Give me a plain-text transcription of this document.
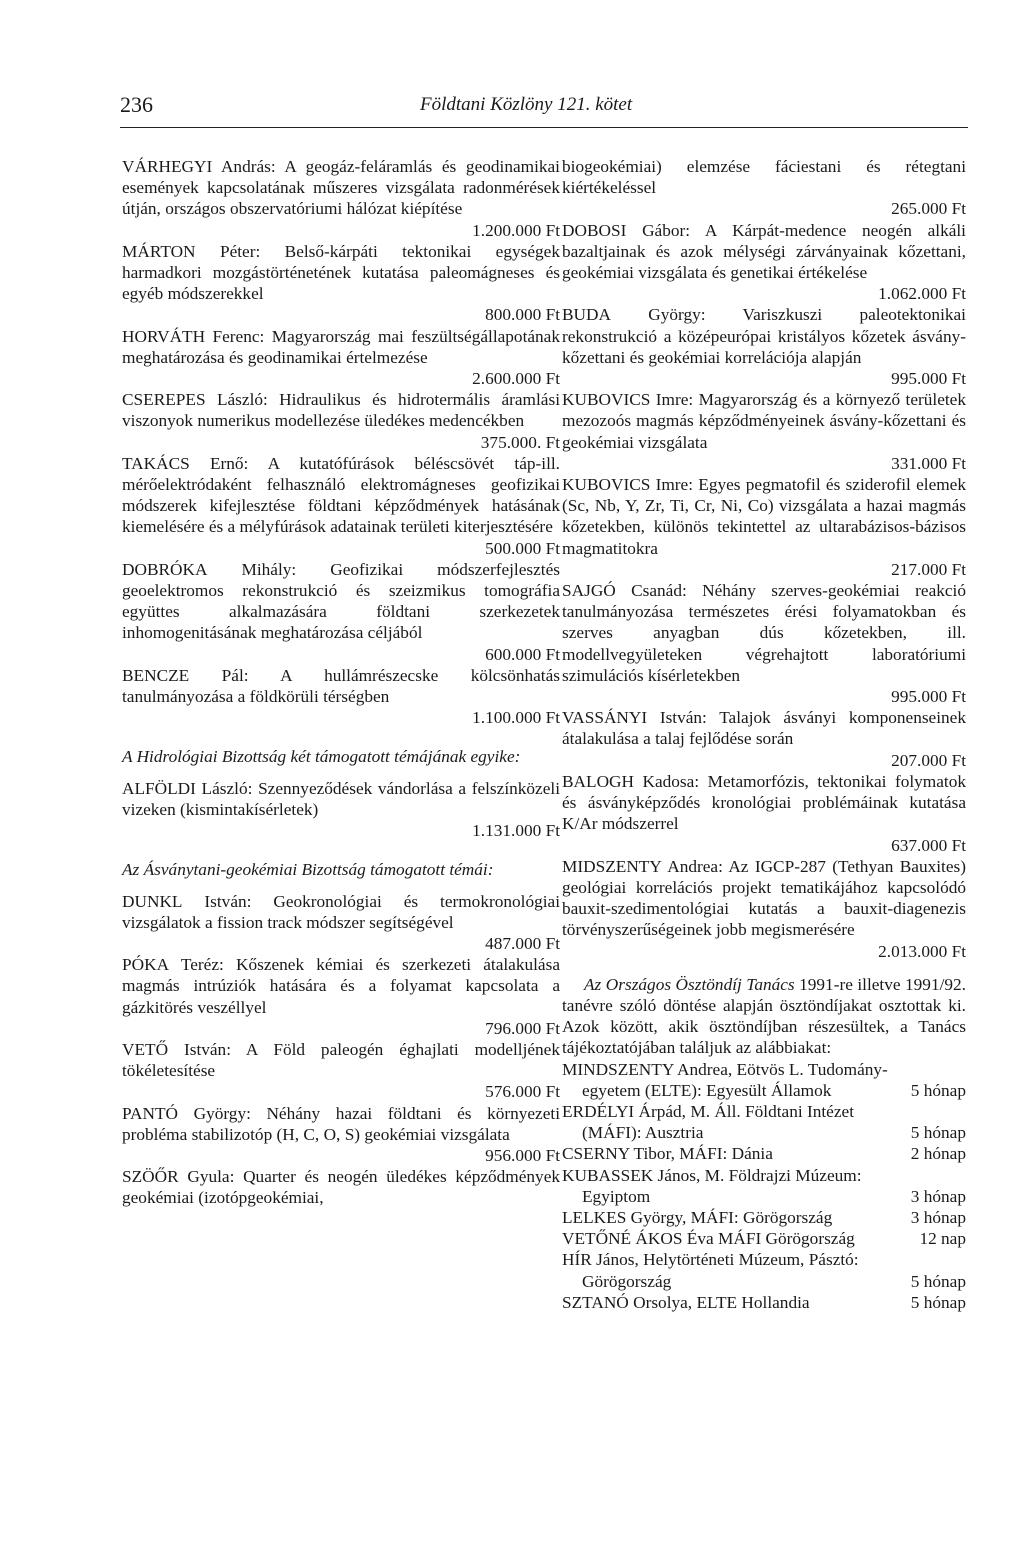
236	Földtani Közlöny 121. kötet

VÁRHEGYI András: A geogáz-feláramlás és geodinamikai események kapcsolatának műszeres vizsgálata radonmérések útján, országos obszervatóriumi hálózat kiépítése

1.200.000 Ft

MÁRTON Péter: Belső-kárpáti tektonikai egységek harmadkori mozgástörténetének kutatása paleomágneses és egyéb módszerekkel

800.000 Ft

HORVÁTH Ferenc: Magyarország mai feszültségállapotának meghatározása és geodinamikai értelmezése

2.600.000 Ft

CSEREPES László: Hidraulikus és hidrotermális áramlási viszonyok numerikus modellezése üledékes medencékben

375.000. Ft

TAKÁCS Ernő: A kutatófúrások béléscsövét táp-ill. mérőelektródaként felhasználó elektromágneses geofizikai módszerek kifejlesztése földtani képződmények hatásának kiemelésére és a mélyfúrások adatainak területi kiterjesztésére

500.000 Ft

DOBRÓKA Mihály: Geofizikai módszerfejlesztés geoelektromos rekonstrukció és szeizmikus tomográfia együttes alkalmazására földtani szerkezetek inhomogenitásának meghatározása céljából

600.000 Ft

BENCZE Pál: A hullámrészecske kölcsönhatás tanulmányozása a földkörüli térségben

1.100.000 Ft

A Hidrológiai Bizottság két támogatott témájának egyike:

ALFÖLDI László: Szennyeződések vándorlása a felszínközeli vizeken (kismintakísérletek)

1.131.000 Ft

Az Ásványtani-geokémiai Bizottság támogatott témái:

DUNKL István: Geokronológiai és termokronológiai vizsgálatok a fission track módszer segítségével

487.000 Ft

PÓKA Teréz: Kőszenek kémiai és szerkezeti átalakulása magmás intrúziók hatására és a folyamat kapcsolata a gázkitörés veszéllyel

796.000 Ft

VETŐ István: A Föld paleogén éghajlati modelljének tökéletesítése

576.000 Ft

PANTÓ György: Néhány hazai földtani és környezeti probléma stabilizotóp (H, C, O, S) geokémiai vizsgálata

956.000 Ft

SZÖŐR Gyula: Quarter és neogén üledékes képződmények geokémiai (izotópgeokémiai,

biogeokémiai) elemzése fáciestani és rétegtani kiértékeléssel

265.000 Ft

DOBOSI Gábor: A Kárpát-medence neogén alkáli bazaltjainak és azok mélységi zárványainak kőzettani, geokémiai vizsgálata és genetikai értékelése

1.062.000 Ft

BUDA György: Variszkuszi paleotektonikai rekonstrukció a középeurópai kristályos kőzetek ásvány-kőzettani és geokémiai korrelációja alapján

995.000 Ft

KUBOVICS Imre: Magyarország és a környező területek mezozoós magmás képződményeinek ásvány-kőzettani és geokémiai vizsgálata

331.000 Ft

KUBOVICS Imre: Egyes pegmatofil és sziderofil elemek (Sc, Nb, Y, Zr, Ti, Cr, Ni, Co) vizsgálata a hazai magmás kőzetekben, különös tekintettel az ultarabázisos-bázisos magmatitokra

217.000 Ft

SAJGÓ Csanád: Néhány szerves-geokémiai reakció tanulmányozása természetes érési folyamatokban és szerves anyagban dús kőzetekben, ill. modellvegyületeken végrehajtott laboratóriumi szimulációs kísérletekben

995.000 Ft

VASSÁNYI István: Talajok ásványi komponenseinek átalakulása a talaj fejlődése során

207.000 Ft

BALOGH Kadosa: Metamorfózis, tektonikai folymatok és ásványképződés kronológiai problémáinak kutatása K/Ar módszerrel

637.000 Ft

MIDSZENTY Andrea: Az IGCP-287 (Tethyan Bauxites) geológiai korrelációs projekt tematikájához kapcsolódó bauxit-szedimentológiai kutatás a bauxit-diagenezis törvényszerűségeinek jobb megismerésére

2.013.000 Ft

Az Országos Ösztöndíj Tanács 1991-re illetve 1991/92. tanévre szóló döntése alapján ösztöndíjakat osztottak ki. Azok között, akik ösztöndíjban részesültek, a Tanács tájékoztatójában találjuk az alábbiakat:

MINDSZENTY Andrea, Eötvös L. Tudomány-
egyetem (ELTE): Egyesült Államok	5 hónap
ERDÉLYI Árpád, M. Áll. Földtani Intézet
(MÁFI): Ausztria	5 hónap
CSERNY Tibor, MÁFI: Dánia	2 hónap
KUBASSEK János, M. Földrajzi Múzeum:
Egyiptom	3 hónap
LELKES György, MÁFI: Görögország	3 hónap
VETŐNÉ ÁKOS Éva MÁFI Görögország	12 nap
HÍR János, Helytörténeti Múzeum, Pásztó:
Görögország	5 hónap
SZTANÓ Orsolya, ELTE Hollandia	5 hónap
